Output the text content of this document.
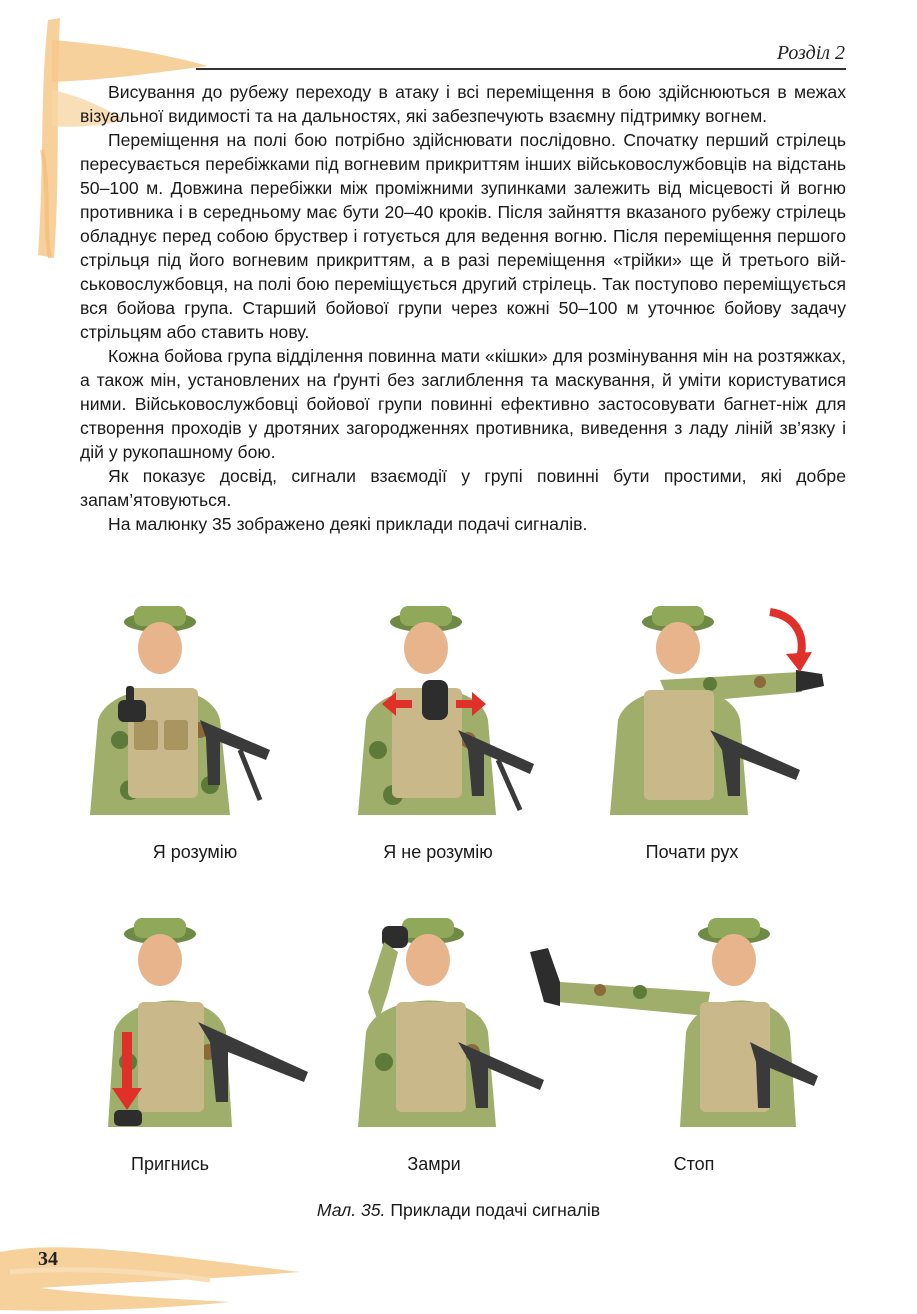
Розділ 2

Висування до рубежу переходу в атаку і всі переміщення в бою здійснюються в межах візуальної видимості та на дальностях, які забезпечують взаємну підтримку вогнем.

Переміщення на полі бою потрібно здійснювати послідовно. Спочатку перший стрілець пересувається перебіжками під вогневим прикриттям інших військовослужбовців на відстань 50–100 м. Довжина перебіжки між проміжними зупинками залежить від місцевості й вогню противника і в середньому має бути 20–40 кроків. Після зайняття вказаного рубежу стрілець обладнує перед собою бруствер і готується для ведення вогню. Після переміщення першого стрільця під його вогневим прикриттям, а в разі переміщення «трійки» ще й третього військовослужбовця, на полі бою переміщується другий стрілець. Так поступово переміщується вся бойова група. Старший бойової групи через кожні 50–100 м уточнює бойову задачу стрільцям або ставить нову.

Кожна бойова група відділення повинна мати «кішки» для розмінування мін на розтяжках, а також мін, установлених на ґрунті без заглиблення та маскування, й уміти користуватися ними. Військовослужбовці бойової групи повинні ефективно застосовувати багнет-ніж для створення проходів у дротяних загородженнях противника, виведення з ладу ліній зв’язку і дій у рукопашному бою.

Як показує досвід, сигнали взаємодії у групі повинні бути простими, які добре запам’ятовуються.

На малюнку 35 зображено деякі приклади подачі сигналів.

Я розумію	Я не розумію	Почати рух
Пригнись	Замри	Стоп
Мал. 35. Приклади подачі сигналів
34
